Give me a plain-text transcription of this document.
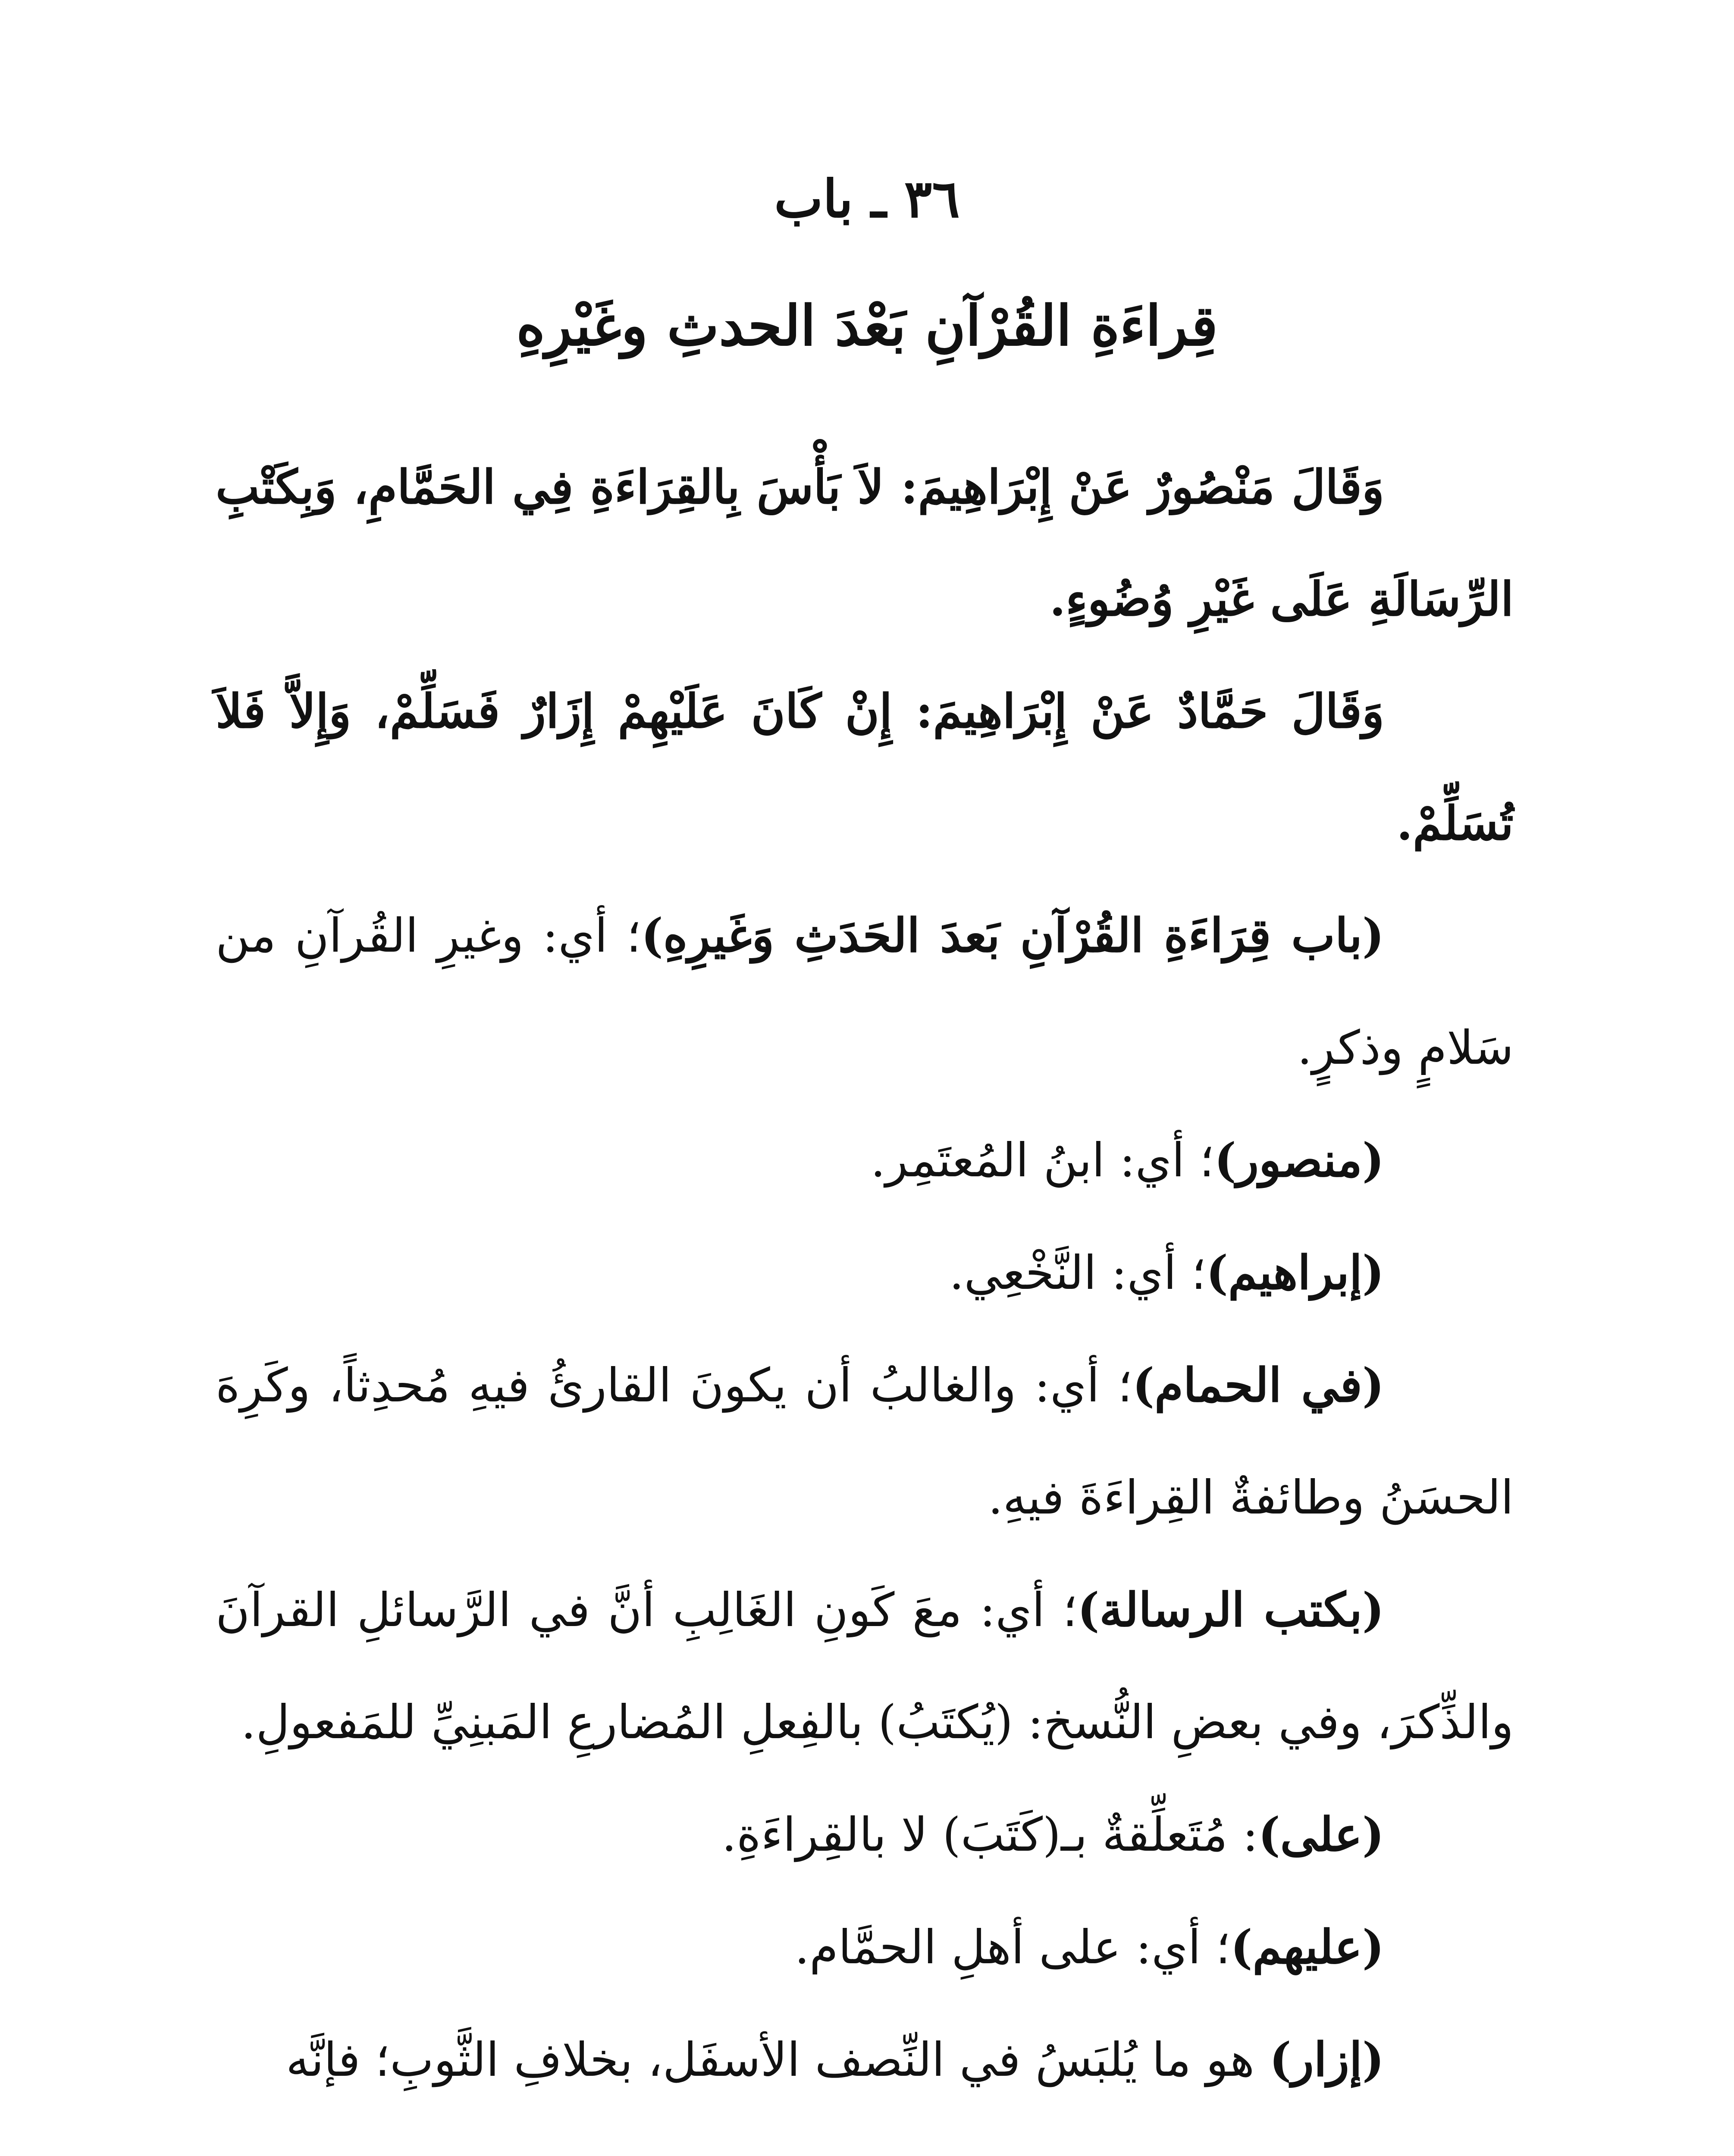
٣٦ ـ باب
قِراءَةِ القُرْآنِ بَعْدَ الحدثِ وغَيْرِهِ

وَقَالَ مَنْصُورٌ عَنْ إِبْرَاهِيمَ: لاَ بَأْسَ بِالقِرَاءَةِ فِي الحَمَّامِ، وَبِكَتْبِ الرِّسَالَةِ عَلَى غَيْرِ وُضُوءٍ.

وَقَالَ حَمَّادٌ عَنْ إِبْرَاهِيمَ: إِنْ كَانَ عَلَيْهِمْ إِزَارٌ فَسَلِّمْ، وَإِلاَّ فَلاَ تُسَلِّمْ.

(باب قِرَاءَةِ القُرْآنِ بَعدَ الحَدَثِ وَغَيرِهِ)؛ أي: وغيرِ القُرآنِ من سَلامٍ وذكرٍ.

(منصور)؛ أي: ابنُ المُعتَمِر.

(إبراهيم)؛ أي: النَّخْعِي.

(في الحمام)؛ أي: والغالبُ أن يكونَ القارئُ فيهِ مُحدِثاً، وكَرِهَ الحسَنُ وطائفةٌ القِراءَةَ فيهِ.

(بكتب الرسالة)؛ أي: معَ كَونِ الغَالِبِ أنَّ في الرَّسائلِ القرآنَ والذِّكرَ، وفي بعضِ النُّسخ: (يُكتَبُ) بالفِعلِ المُضارعِ المَبنِيِّ للمَفعولِ.

(على): مُتَعلِّقةٌ بـ(كَتَبَ) لا بالقِراءَةِ.

(عليهم)؛ أي: على أهلِ الحمَّام.

(إزار) هو ما يُلبَسُ في النِّصف الأسفَل، بخلافِ الثَّوبِ؛ فإنَّه
